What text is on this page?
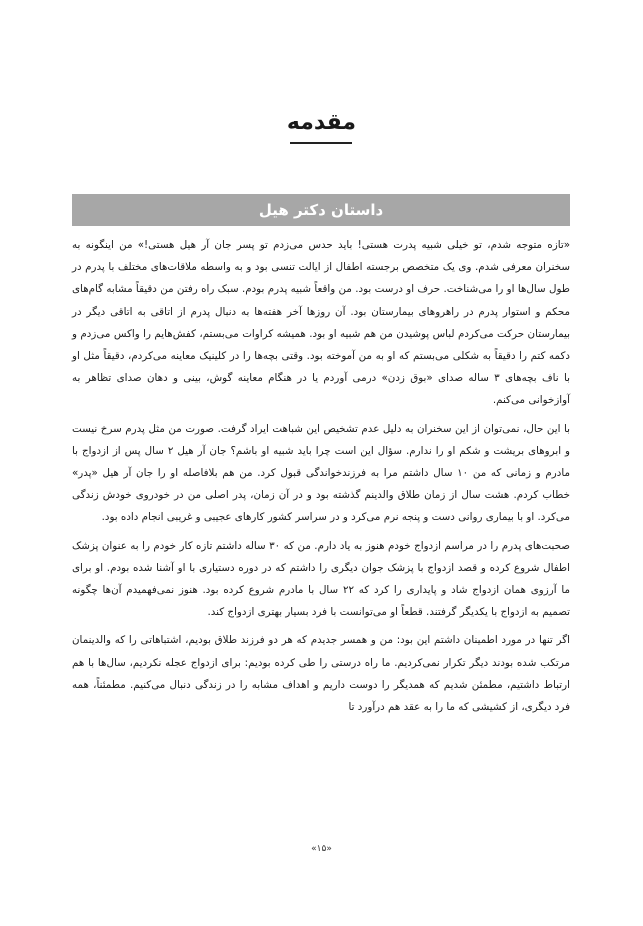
مقدمه
داستان دکتر هیل

«تازه متوجه شدم، تو خیلی شبیه پدرت هستی! باید حدس می‌زدم تو پسر جان آر هیل هستی!» من اینگونه به سخنران معرفی شدم. وی یک متخصص برجسته اطفال از ایالت تنسی بود و به واسطه ملاقات‌های مختلف با پدرم در طول سال‌ها او را می‌شناخت. حرف او درست بود. من واقعاً شبیه پدرم بودم. سبک راه رفتن من دقیقاً مشابه گام‌های محکم و استوار پدرم در راهروهای بیمارستان بود. آن روزها آخر هفته‌ها به دنبال پدرم از اتاقی به اتاقی دیگر در بیمارستان حرکت می‌کردم لباس پوشیدن من هم شبیه او بود. همیشه کراوات می‌بستم، کفش‌هایم را واکس می‌زدم و دکمه کتم را دقیقاً به شکلی می‌بستم که او به من آموخته بود. وقتی بچه‌ها را در کلینیک معاینه می‌کردم، دقیقاً مثل او با ناف بچه‌های ۳ ساله صدای «بوق زدن» درمی آوردم یا در هنگام معاینه گوش، بینی و دهان صدای تظاهر به آوازخوانی می‌کنم.

با این حال، نمی‌توان از این سخنران به دلیل عدم تشخیص این شباهت ایراد گرفت. صورت من مثل پدرم سرخ نیست و ابروهای بریشت و شکم او را ندارم. سؤال این است چرا باید شبیه او باشم؟ جان آر هیل ۲ سال پس از ازدواج با مادرم و زمانی که من ۱۰ سال داشتم مرا به فرزندخواندگی قبول کرد. من هم بلافاصله او را جان آر هیل «پدر» خطاب کردم. هشت سال از زمان طلاق والدینم گذشته بود و در آن زمان، پدر اصلی من در خودروی خودش زندگی می‌کرد. او با بیماری روانی دست و پنجه نرم می‌کرد و در سراسر کشور کارهای عجیبی و غریبی انجام داده بود.

صحبت‌های پدرم را در مراسم ازدواج خودم هنوز به یاد دارم. من که ۳۰ ساله داشتم تازه کار خودم را به عنوان پزشک اطفال شروع کرده و قصد ازدواج با پزشک جوان دیگری را داشتم که در دوره دستیاری با او آشنا شده بودم. او برای ما آرزوی همان ازدواج شاد و پایداری را کرد که ۲۲ سال با مادرم شروع کرده بود. هنوز نمی‌فهمیدم آن‌ها چگونه تصمیم به ازدواج با یکدیگر گرفتند. قطعاً او می‌توانست با فرد بسیار بهتری ازدواج کند.

اگر تنها در مورد اطمینان داشتم این بود: من و همسر جدیدم که هر دو فرزند طلاق بودیم، اشتباهاتی را که والدینمان مرتکب شده بودند دیگر تکرار نمی‌کردیم. ما راه درستی را طی کرده بودیم: برای ازدواج عجله نکردیم، سال‌ها با هم ارتباط داشتیم، مطمئن شدیم که همدیگر را دوست داریم و اهداف مشابه را در زندگی دنبال می‌کنیم. مطمئناً، همه فرد دیگری، از کشیشی که ما را به عقد هم درآورد تا

«۱۵»
